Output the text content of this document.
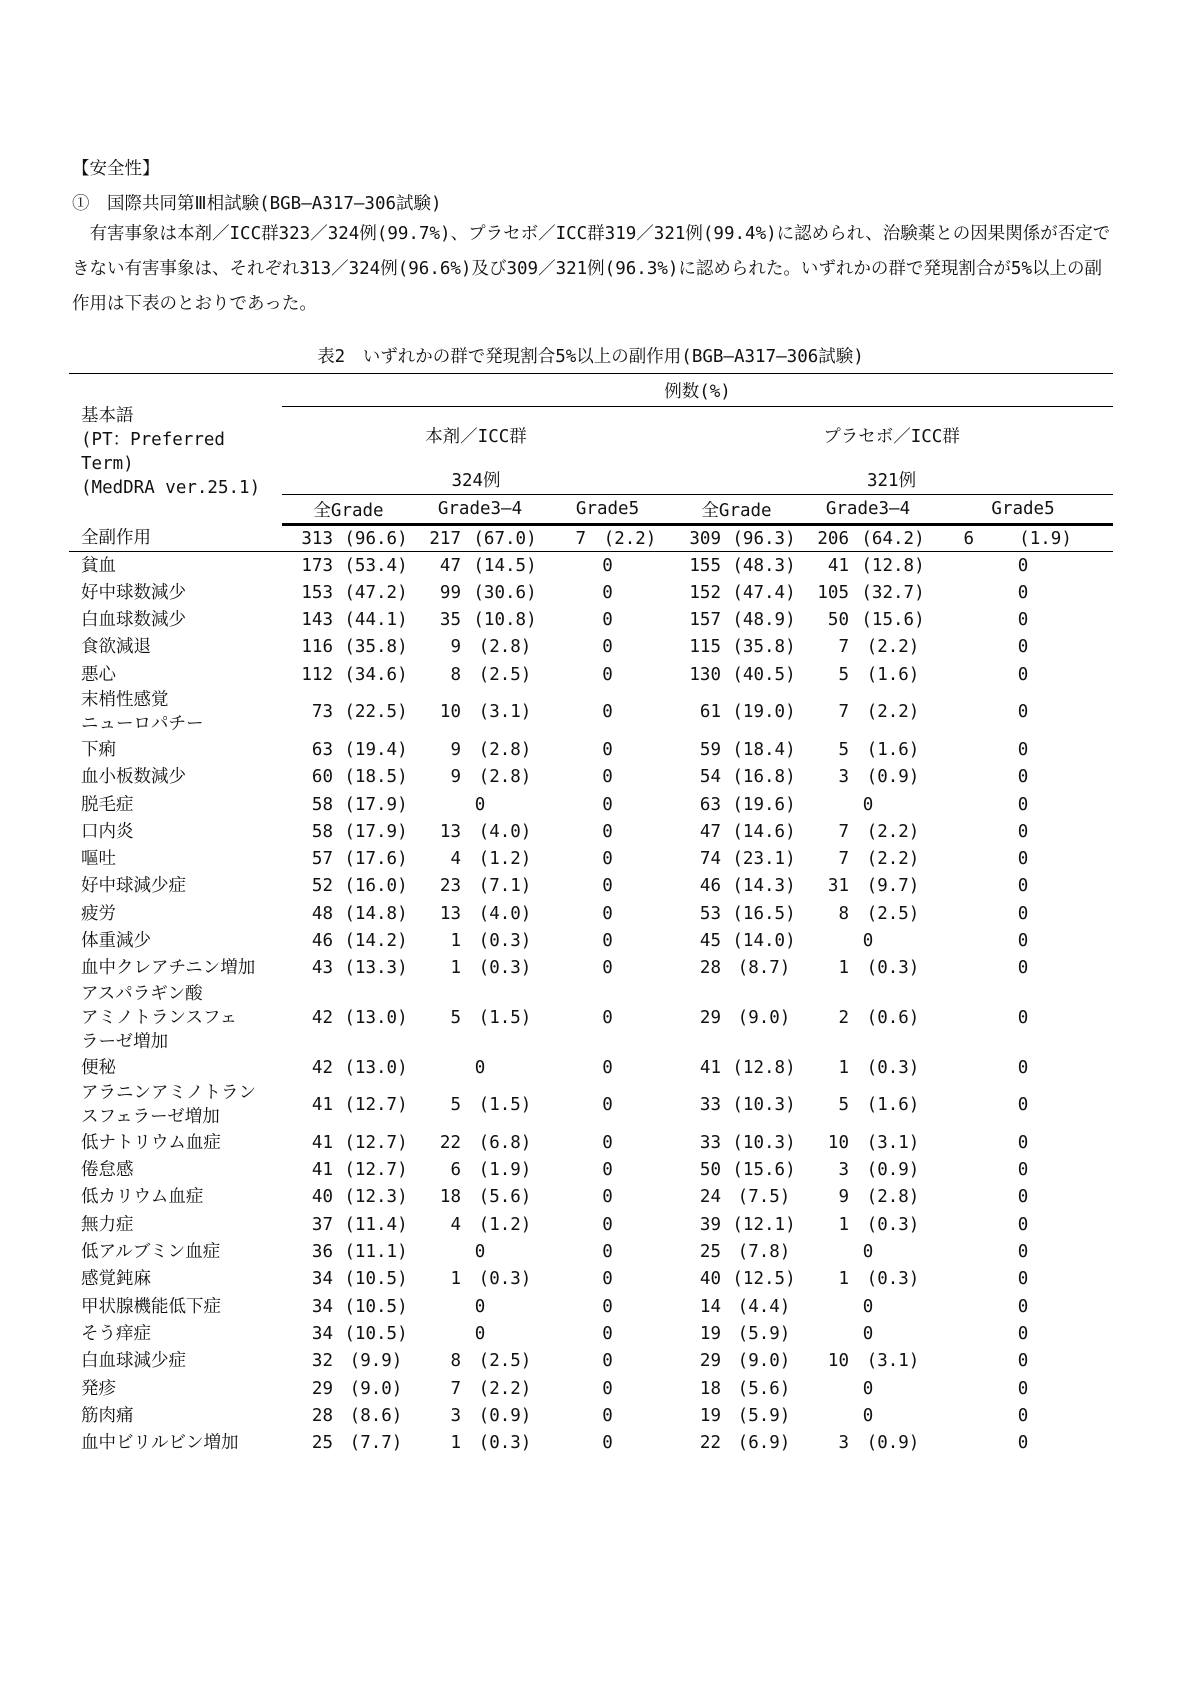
【安全性】

①　国際共同第Ⅲ相試験(BGB―A317―306試験)

　有害事象は本剤／ICC群323／324例(99.7%)、プラセボ／ICC群319／321例(99.4%)に認められ、治験薬との因果関係が否定できない有害事象は、それぞれ313／324例(96.6%)及び309／321例(96.3%)に認められた。いずれかの群で発現割合が5%以上の副作用は下表のとおりであった。

表2　いずれかの群で発現割合5%以上の副作用(BGB―A317―306試験)

基本語
(PT：Preferred Term)
(MedDRA ver.25.1)	例数(%)											
	本剤／ICC群						プラセボ／ICC群					
	324例						321例					
	全Grade		Grade3―4		Grade5		全Grade		Grade3―4		Grade5	
全副作用	313	(96.6)	217	(67.0)	7	(2.2)	309	(96.3)	206	(64.2)	6	(1.9)
貧血	173	(53.4)	47	(14.5)	0		155	(48.3)	41	(12.8)	0	
好中球数減少	153	(47.2)	99	(30.6)	0		152	(47.4)	105	(32.7)	0	
白血球数減少	143	(44.1)	35	(10.8)	0		157	(48.9)	50	(15.6)	0	
食欲減退	116	(35.8)	9	(2.8)	0		115	(35.8)	7	(2.2)	0	
悪心	112	(34.6)	8	(2.5)	0		130	(40.5)	5	(1.6)	0	

末梢性感覚
ニューロパチー	73	(22.5)	10	(3.1)	0		61	(19.0)	7	(2.2)	0	
下痢	63	(19.4)	9	(2.8)	0		59	(18.4)	5	(1.6)	0	
血小板数減少	60	(18.5)	9	(2.8)	0		54	(16.8)	3	(0.9)	0	
脱毛症	58	(17.9)	0		0		63	(19.6)	0		0	
口内炎	58	(17.9)	13	(4.0)	0		47	(14.6)	7	(2.2)	0	
嘔吐	57	(17.6)	4	(1.2)	0		74	(23.1)	7	(2.2)	0	
好中球減少症	52	(16.0)	23	(7.1)	0		46	(14.3)	31	(9.7)	0	
疲労	48	(14.8)	13	(4.0)	0		53	(16.5)	8	(2.5)	0	
体重減少	46	(14.2)	1	(0.3)	0		45	(14.0)	0		0	
血中クレアチニン増加	43	(13.3)	1	(0.3)	0		28	(8.7)	1	(0.3)	0	

アスパラギン酸
アミノトランスフェ
ラーゼ増加	42	(13.0)	5	(1.5)	0		29	(9.0)	2	(0.6)	0	
便秘	42	(13.0)	0		0		41	(12.8)	1	(0.3)	0	

アラニンアミノトラン
スフェラーゼ増加	41	(12.7)	5	(1.5)	0		33	(10.3)	5	(1.6)	0	
低ナトリウム血症	41	(12.7)	22	(6.8)	0		33	(10.3)	10	(3.1)	0	
倦怠感	41	(12.7)	6	(1.9)	0		50	(15.6)	3	(0.9)	0	
低カリウム血症	40	(12.3)	18	(5.6)	0		24	(7.5)	9	(2.8)	0	
無力症	37	(11.4)	4	(1.2)	0		39	(12.1)	1	(0.3)	0	
低アルブミン血症	36	(11.1)	0		0		25	(7.8)	0		0	
感覚鈍麻	34	(10.5)	1	(0.3)	0		40	(12.5)	1	(0.3)	0	
甲状腺機能低下症	34	(10.5)	0		0		14	(4.4)	0		0	
そう痒症	34	(10.5)	0		0		19	(5.9)	0		0	
白血球減少症	32	(9.9)	8	(2.5)	0		29	(9.0)	10	(3.1)	0	
発疹	29	(9.0)	7	(2.2)	0		18	(5.6)	0		0	
筋肉痛	28	(8.6)	3	(0.9)	0		19	(5.9)	0		0	
血中ビリルビン増加	25	(7.7)	1	(0.3)	0		22	(6.9)	3	(0.9)	0	
